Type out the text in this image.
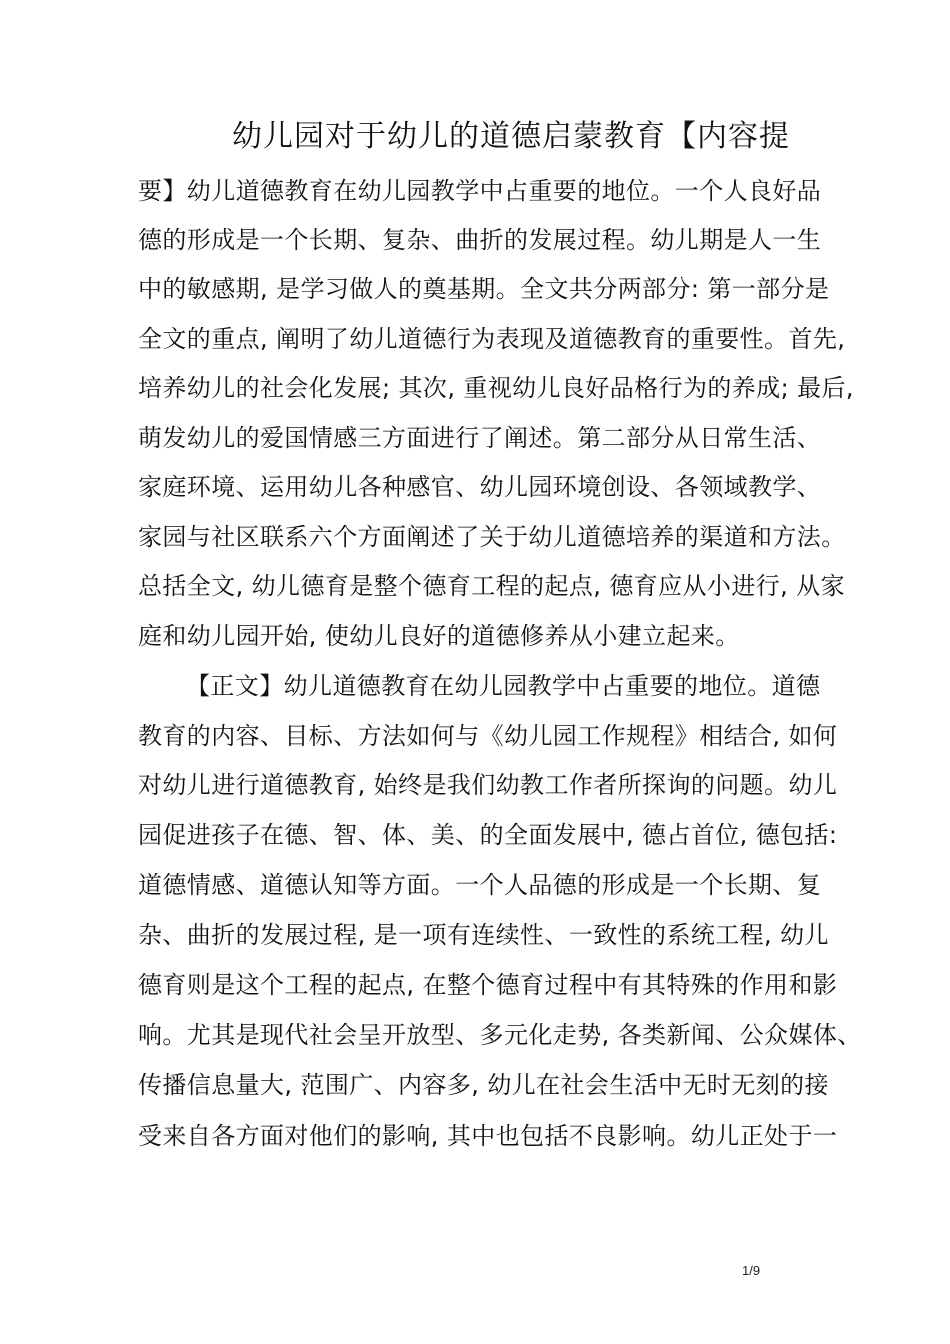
幼儿园对于幼儿的道德启蒙教育【内容提
要】幼儿道德教育在幼儿园教学中占重要的地位。一个人良好品
德的形成是一个长期、复杂、曲折的发展过程。幼儿期是人一生
中的敏感期, 是学习做人的奠基期。全文共分两部分: 第一部分是
全文的重点, 阐明了幼儿道德行为表现及道德教育的重要性。首先,
培养幼儿的社会化发展; 其次, 重视幼儿良好品格行为的养成; 最后,
萌发幼儿的爱国情感三方面进行了阐述。第二部分从日常生活、
家庭环境、运用幼儿各种感官、幼儿园环境创设、各领域教学、
家园与社区联系六个方面阐述了关于幼儿道德培养的渠道和方法。
总括全文, 幼儿德育是整个德育工程的起点, 德育应从小进行, 从家
庭和幼儿园开始, 使幼儿良好的道德修养从小建立起来。
【正文】幼儿道德教育在幼儿园教学中占重要的地位。道德
教育的内容、目标、方法如何与《幼儿园工作规程》相结合, 如何
对幼儿进行道德教育, 始终是我们幼教工作者所探询的问题。幼儿
园促进孩子在德、智、体、美、的全面发展中, 德占首位, 德包括:
道德情感、道德认知等方面。一个人品德的形成是一个长期、复
杂、曲折的发展过程, 是一项有连续性、一致性的系统工程, 幼儿
德育则是这个工程的起点, 在整个德育过程中有其特殊的作用和影
响。尤其是现代社会呈开放型、多元化走势, 各类新闻、公众媒体、
传播信息量大, 范围广、内容多, 幼儿在社会生活中无时无刻的接
受来自各方面对他们的影响, 其中也包括不良影响。幼儿正处于一
1/9
